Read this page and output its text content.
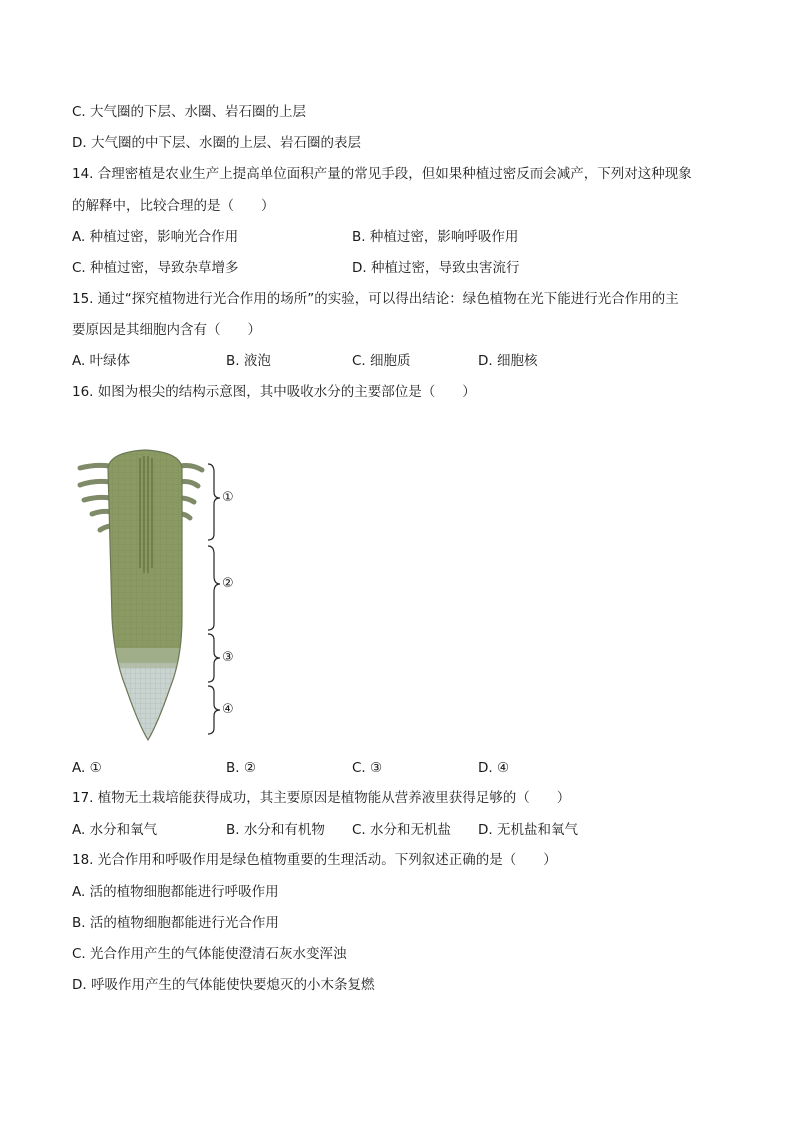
C. 大气圈的下层、水圈、岩石圈的上层
D. 大气圈的中下层、水圈的上层、岩石圈的表层
14. 合理密植是农业生产上提高单位面积产量的常见手段，但如果种植过密反而会减产，下列对这种现象
的解释中，比较合理的是（　　）
A. 种植过密，影响光合作用	B. 种植过密，影响呼吸作用
C. 种植过密，导致杂草增多	D. 种植过密，导致虫害流行
15. 通过“探究植物进行光合作用的场所”的实验，可以得出结论：绿色植物在光下能进行光合作用的主
要原因是其细胞内含有（　　）
A. 叶绿体	B. 液泡	C. 细胞质	D. 细胞核
16. 如图为根尖的结构示意图，其中吸收水分的主要部位是（　　）
①
②
③
④
A. ①	B. ②	C. ③	D. ④
17. 植物无土栽培能获得成功，其主要原因是植物能从营养液里获得足够的（　　）
A. 水分和氧气	B. 水分和有机物 C. 水分和无机盐 D. 无机盐和氧气
18. 光合作用和呼吸作用是绿色植物重要的生理活动。下列叙述正确的是（　　）
A. 活的植物细胞都能进行呼吸作用
B. 活的植物细胞都能进行光合作用
C. 光合作用产生的气体能使澄清石灰水变浑浊
D. 呼吸作用产生的气体能使快要熄灭的小木条复燃
